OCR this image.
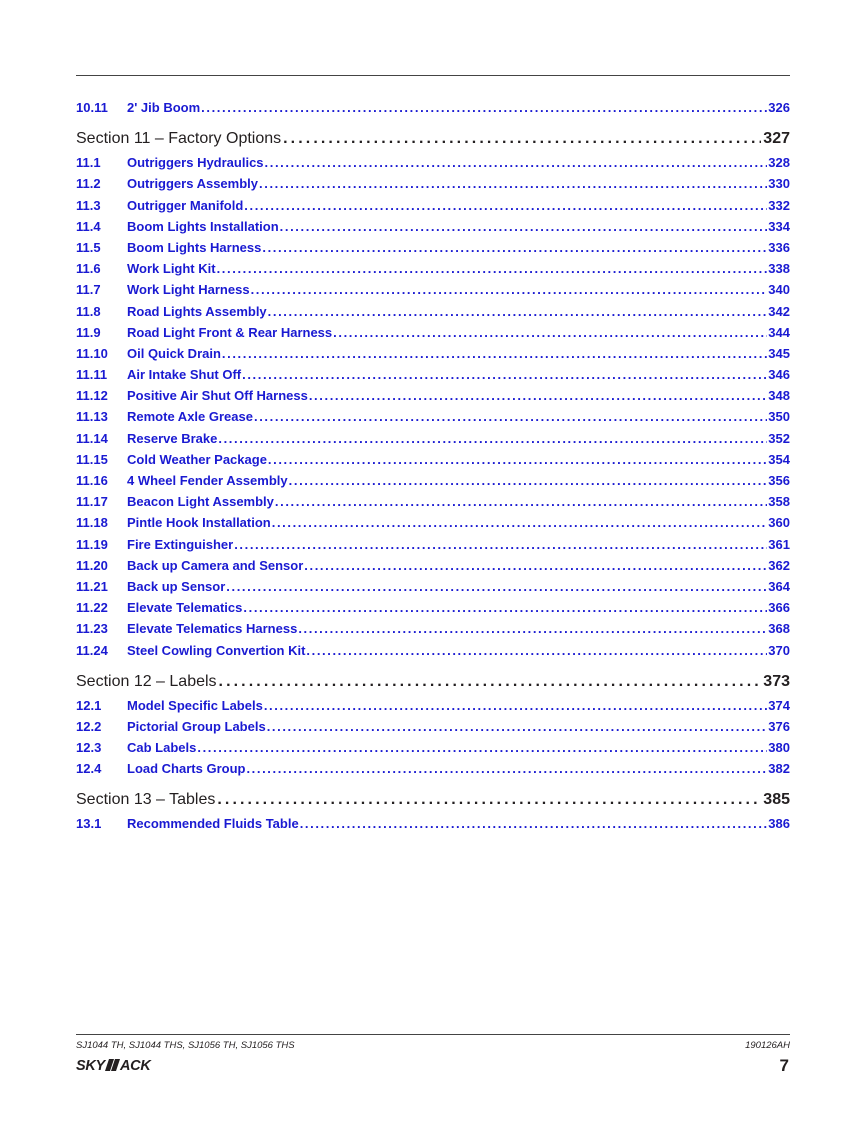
10.11	2' Jib Boom .....	326
Section 11 – Factory Options .....	327
11.1	Outriggers Hydraulics .....	328
11.2	Outriggers Assembly .....	330
11.3	Outrigger Manifold .....	332
11.4	Boom Lights Installation .....	334
11.5	Boom Lights Harness .....	336
11.6	Work Light Kit .....	338
11.7	Work Light Harness .....	340
11.8	Road Lights Assembly .....	342
11.9	Road Light Front & Rear Harness .....	344
11.10	Oil Quick Drain .....	345
11.11	Air Intake Shut Off .....	346
11.12	Positive Air Shut Off Harness .....	348
11.13	Remote Axle Grease .....	350
11.14	Reserve Brake .....	352
11.15	Cold Weather Package .....	354
11.16	4 Wheel Fender Assembly .....	356
11.17	Beacon Light Assembly .....	358
11.18	Pintle Hook Installation .....	360
11.19	Fire Extinguisher .....	361
11.20	Back up Camera and Sensor .....	362
11.21	Back up Sensor .....	364
11.22	Elevate Telematics .....	366
11.23	Elevate Telematics Harness .....	368
11.24	Steel Cowling Convertion Kit .....	370
Section 12 – Labels .....	373
12.1	Model Specific Labels .....	374
12.2	Pictorial Group Labels .....	376
12.3	Cab Labels .....	380
12.4	Load Charts Group .....	382
Section 13 – Tables .....	385
13.1	Recommended Fluids Table .....	386
SJ1044 TH, SJ1044 THS, SJ1056 TH, SJ1056 THS	190126AH
SKY ACK	7
